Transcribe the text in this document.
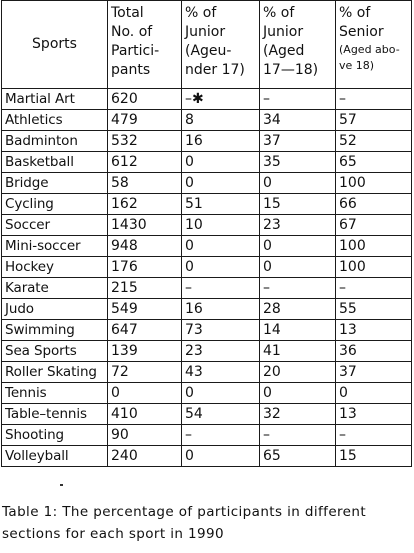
Sports	Total
No. of
Partici-
pants	% of
Junior
(Ageu-
nder 17)	% of
Junior
(Aged
17—18)	% of
Senior
(Aged abo-
ve 18)

Martial Art	620	–✱	–	–
Athletics	479	8	34	57
Badminton	532	16	37	52
Basketball	612	0	35	65
Bridge	58	0	0	100
Cycling	162	51	15	66
Soccer	1430	10	23	67
Mini-soccer	948	0	0	100
Hockey	176	0	0	100
Karate	215	–	–	–
Judo	549	16	28	55
Swimming	647	73	14	13
Sea Sports	139	23	41	36
Roller Skating	72	43	20	37
Tennis	0	0	0	0
Table–tennis	410	54	32	13
Shooting	90	–	–	–
Volleyball	240	0	65	15

Table 1: The percentage of participants in different sections for each sport in 1990
